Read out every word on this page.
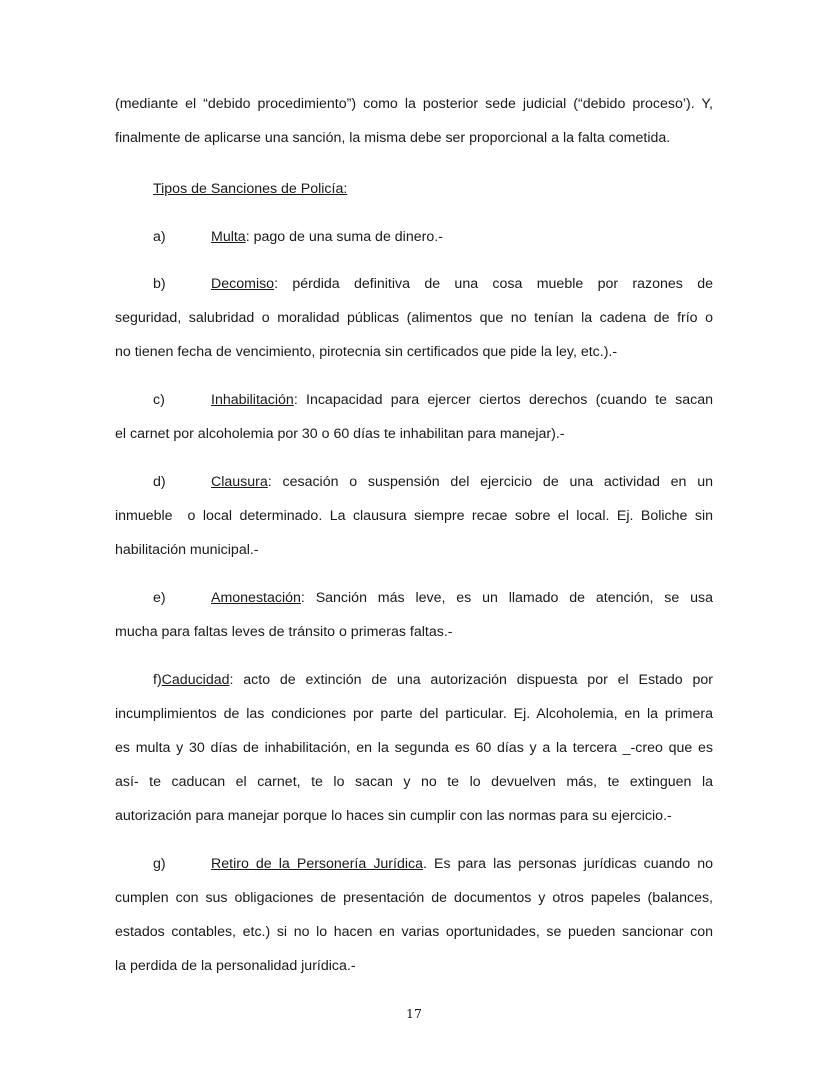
(mediante el “debido procedimiento”) como la posterior sede judicial (“debido proceso’). Y,
finalmente de aplicarse una sanción, la misma debe ser proporcional a la falta cometida.
Tipos de Sanciones de Policía:
a)	Multa: pago de una suma de dinero.-
b)	Decomiso: pérdida definitiva de una cosa mueble por razones de
seguridad, salubridad o moralidad públicas (alimentos que no tenían la cadena de frío o
no tienen fecha de vencimiento, pirotecnia sin certificados que pide la ley, etc.).-
c)	Inhabilitación: Incapacidad para ejercer ciertos derechos (cuando te sacan
el carnet por alcoholemia por 30 o 60 días te inhabilitan para manejar).-
d)	Clausura: cesación o suspensión del ejercicio de una actividad en un
inmueble  o local determinado. La clausura siempre recae sobre el local. Ej. Boliche sin
habilitación municipal.-
e)	Amonestación: Sanción más leve, es un llamado de atención, se usa
mucha para faltas leves de tránsito o primeras faltas.-
f)Caducidad: acto de extinción de una autorización dispuesta por el Estado por
incumplimientos de las condiciones por parte del particular. Ej. Alcoholemia, en la primera
es multa y 30 días de inhabilitación, en la segunda es 60 días y a la tercera _-creo que es
así- te caducan el carnet, te lo sacan y no te lo devuelven más, te extinguen la
autorización para manejar porque lo haces sin cumplir con las normas para su ejercicio.-
g)	Retiro de la Personería Jurídica. Es para las personas jurídicas cuando no
cumplen con sus obligaciones de presentación de documentos y otros papeles (balances,
estados contables, etc.) si no lo hacen en varias oportunidades, se pueden sancionar con
la perdida de la personalidad jurídica.-
17
